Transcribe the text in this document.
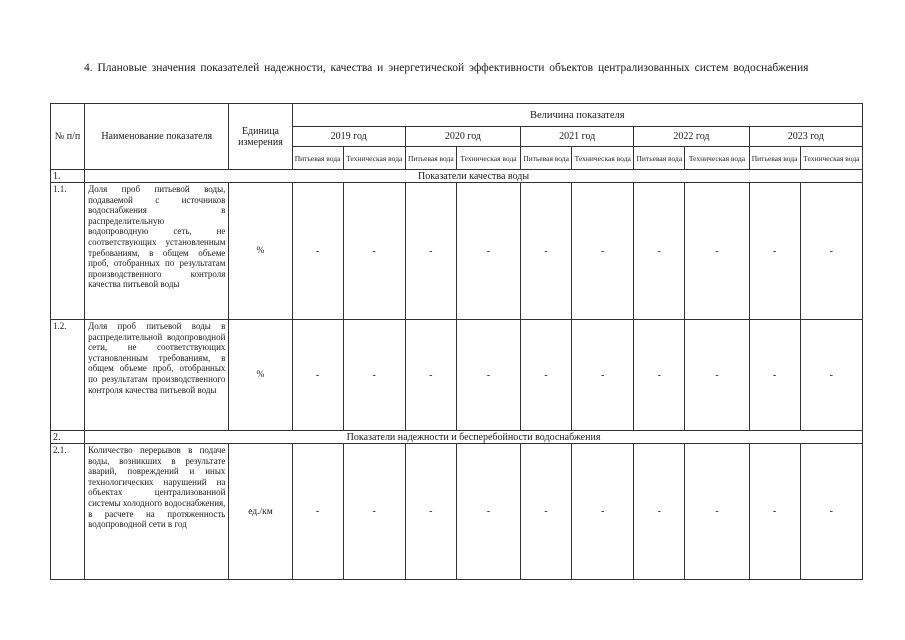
4. Плановые значения показателей надежности, качества и энергетической эффективности объектов централизованных систем водоснабжения
№ п/п	Наименование показателя	Единица измерения	Величина показателя									
			2019 год		2020 год		2021 год		2022 год		2023 год	
			Питьевая вода	Техническая вода	Питьевая вода	Техническая вода	Питьевая вода	Техническая вода	Питьевая вода	Техническая вода	Питьевая вода	Техническая вода
1.	Показатели качества воды											
1.1.	Доля проб питьевой воды, подаваемой с источников водоснабжения в распределительную водопроводную сеть, не соответствующих установленным требованиям, в общем объеме проб, отобранных по результатам производственного контроля качества питьевой воды	%	-	-	-	-	-	-	-	-	-	-
1.2.	Доля проб питьевой воды в распределительной водопроводной сети, не соответствующих установленным требованиям, в общем объеме проб, отобранных по результатам производственного контроля качества питьевой воды	%	-	-	-	-	-	-	-	-	-	-
2.	Показатели надежности и бесперебойности водоснабжения											
2.1.	Количество перерывов в подаче воды, возникших в результате аварий, повреждений и иных технологических нарушений на объектах централизованной системы холодного водоснабжения, в расчете на протяженность водопроводной сети в год	ед./км	-	-	-	-	-	-	-	-	-	-
